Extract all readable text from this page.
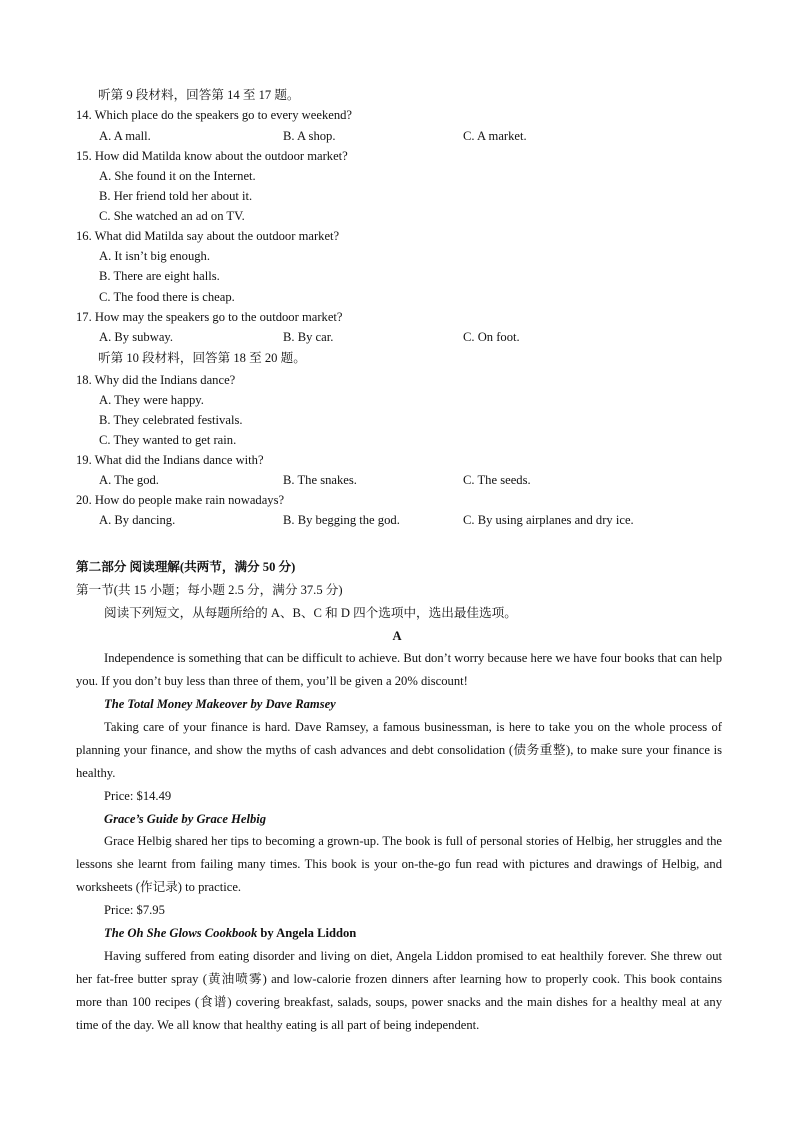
听第 9 段材料，回答第 14 至 17 题。
14. Which place do the speakers go to every weekend?
A. A mall.	B. A shop.	C. A market.
15. How did Matilda know about the outdoor market?
A. She found it on the Internet.
B. Her friend told her about it.
C. She watched an ad on TV.
16. What did Matilda say about the outdoor market?
A. It isn’t big enough.
B. There are eight halls.
C. The food there is cheap.
17. How may the speakers go to the outdoor market?
A. By subway.	B. By car.	C. On foot.
听第 10 段材料，回答第 18 至 20 题。
18. Why did the Indians dance?
A. They were happy.
B. They celebrated festivals.
C. They wanted to get rain.
19. What did the Indians dance with?
A. The god.	B. The snakes.	C. The seeds.
20. How do people make rain nowadays?
A. By dancing.	B. By begging the god.	C. By using airplanes and dry ice.
第二部分 阅读理解(共两节，满分 50 分)
第一节(共 15 小题；每小题 2.5 分，满分 37.5 分)
阅读下列短文，从每题所给的 A、B、C 和 D 四个选项中，选出最佳选项。
A

Independence is something that can be difficult to achieve. But don’t worry because here we have four books that can help you. If you don’t buy less than three of them, you’ll be given a 20% discount!

The Total Money Makeover by Dave Ramsey

Taking care of your finance is hard. Dave Ramsey, a famous businessman, is here to take you on the whole process of planning your finance, and show the myths of cash advances and debt consolidation (债务重整), to make sure your finance is healthy.

Price: $14.49
Grace’s Guide by Grace Helbig

Grace Helbig shared her tips to becoming a grown-up. The book is full of personal stories of Helbig, her struggles and the lessons she learnt from failing many times. This book is your on-the-go fun read with pictures and drawings of Helbig, and worksheets (作记录) to practice.

Price: $7.95
The Oh She Glows Cookbook by Angela Liddon

Having suffered from eating disorder and living on diet, Angela Liddon promised to eat healthily forever. She threw out her fat-free butter spray (黄油喷雾) and low-calorie frozen dinners after learning how to properly cook. This book contains more than 100 recipes (食谱) covering breakfast, salads, soups, power snacks and the main dishes for a healthy meal at any time of the day. We all know that healthy eating is all part of being independent.
